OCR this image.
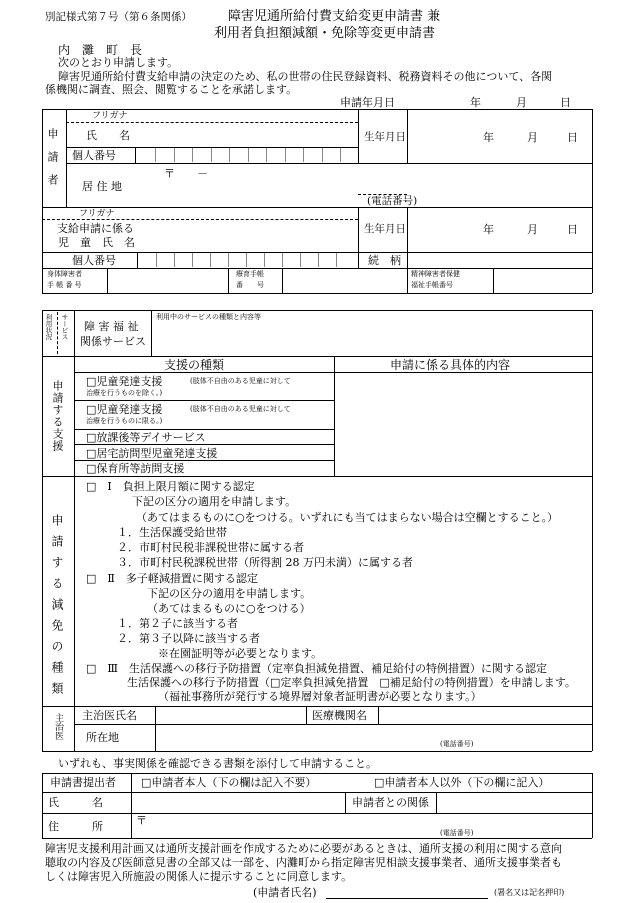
別記様式第７号（第６条関係）	障害児通所給付費支給変更申請書 兼
利用者負担額減額・免除等変更申請書
内　灘　町　長
次のとおり申請します。
障害児通所給付費支給申請の決定のため、私の世帯の住民登録資料、税務資料その他について、各関
係機関に調査、照会、閲覧することを承諾します。
申請年月日	年	月	日
申請者
フリガナ
氏　　名	生年月日	年	月	日
個人番号
居 住 地
〒　　－
(電話番号)
フリガナ
支給申請に係る
児　童　氏　名
生年月日	年	月	日
個人番号	続　柄
身体障害者
手 帳 番 号
療育手帳
番　　号
精神障害者保健
福祉手帳番号
利用状況 サービス 障 害 福 祉
関係サービス
利用中のサービスの種類と内容等
申請する支援
支援の種類	申請に係る具体的内容
□児童発達支援	(肢体不自由のある児童に対して
治療を行うものを除く。)
□児童発達支援	(肢体不自由のある児童に対して
治療を行うものに限る。)
□放課後等デイサービス
□居宅訪問型児童発達支援
□保育所等訪問支援
申請する減免の種類
□　Ⅰ　負担上限月額に関する認定
下記の区分の適用を申請します。
（あてはまるものに○をつける。いずれにも当てはまらない場合は空欄とすること。）
１．生活保護受給世帯
２．市町村民税非課税世帯に属する者
３．市町村民税課税世帯（所得割 28 万円未満）に属する者
□　Ⅱ　多子軽減措置に関する認定
下記の区分の適用を申請します。
（あてはまるものに○をつける）
１．第２子に該当する者
２．第３子以降に該当する者
※在園証明等が必要となります。
□　Ⅲ　生活保護への移行予防措置（定率負担減免措置、補足給付の特例措置）に関する認定
生活保護への移行予防措置（□定率負担減免措置　□補足給付の特例措置）を申請します。
（福祉事務所が発行する境界層対象者証明書が必要となります。）
主治医 主治医氏名	医療機関名
所在地	(電話番号)
いずれも、事実関係を確認できる書類を添付して申請すること。
申請書提出者 □申請者本人（下の欄は記入不要）	□申請者本人以外（下の欄に記入）
氏　　　名	申請者との関係
住　　　所	〒
(電話番号)
障害児支援利用計画又は通所支援計画を作成するために必要があるときは、通所支援の利用に関する意向
聴取の内容及び医師意見書の全部又は一部を、内灘町から指定障害児相談支援事業者、通所支援事業者も
しくは障害児入所施設の関係人に提示することに同意します。
(申請者氏名)	(署名又は記名押印)
